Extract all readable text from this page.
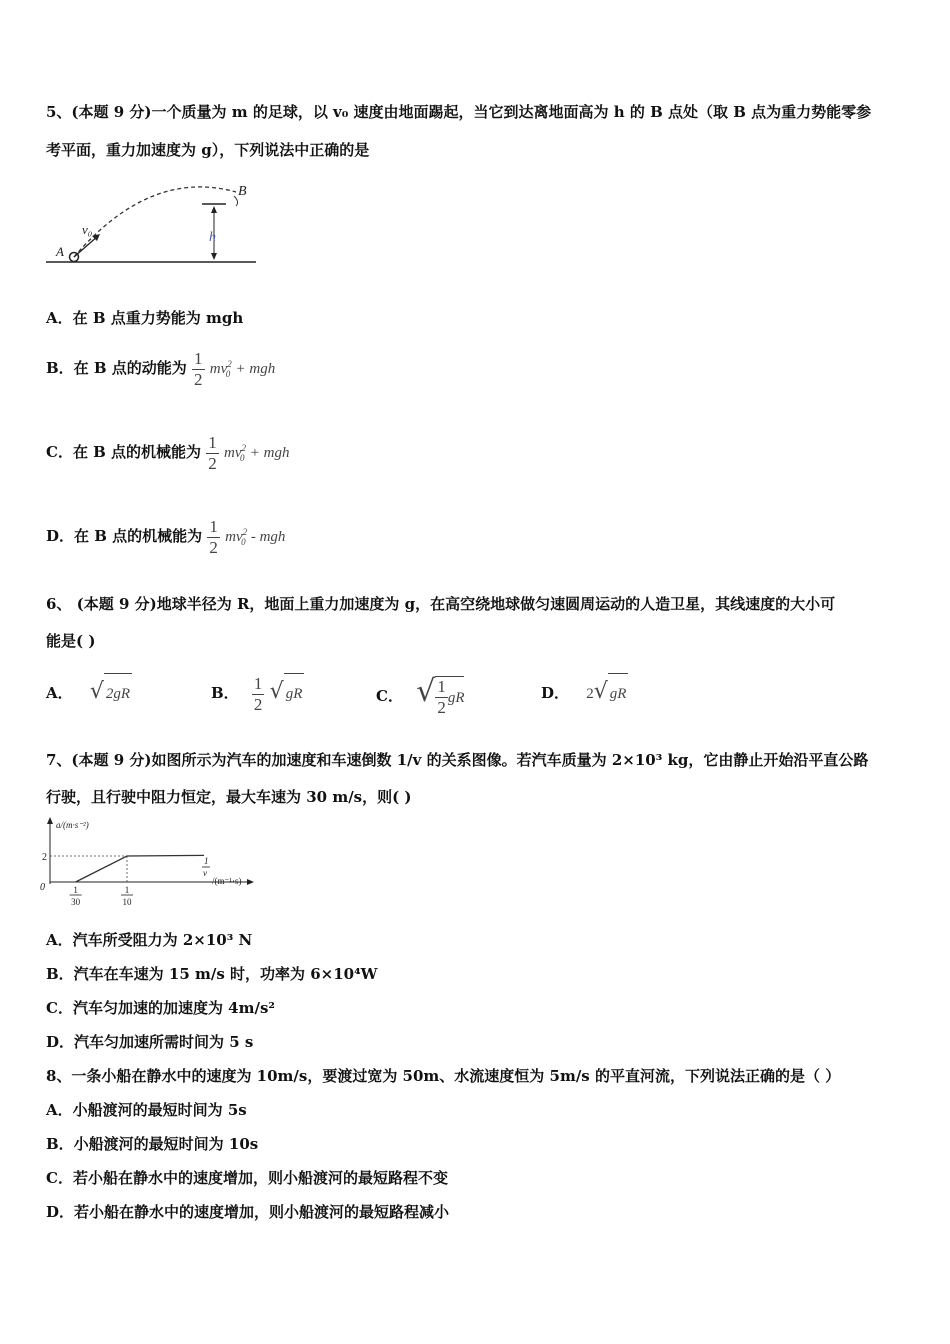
5、(本题 9 分)一个质量为 m 的足球，以 v₀ 速度由地面踢起，当它到达离地面高为 h 的 B 点处（取 B 点为重力势能零参
考平面，重力加速度为 g），下列说法中正确的是
A
v₀
B
h
A．在 B 点重力势能为 mgh
B．在 B 点的动能为 $\frac{1}{2} mv^2_0$ + mgh
C．在 B 点的机械能为 $\frac{1}{2} mv^2_0$ + mgh
D．在 B 点的机械能为 $\frac{1}{2} mv^2_0$ - mgh
6、 (本题 9 分)地球半径为 R，地面上重力加速度为 g，在高空绕地球做匀速圆周运动的人造卫星，其线速度的大小可
能是( )
A． √ 2gR	B． $\frac{1}{2}$ √ gR	C． √ $\frac{1}{2}$ gR	D． 2√ gR
7、(本题 9 分)如图所示为汽车的加速度和车速倒数 1/v 的关系图像。若汽车质量为 2×10³ kg，它由静止开始沿平直公路
行驶，且行驶中阻力恒定，最大车速为 30 m/s，则( )
a/(m·s⁻²)
0
1
v
/(m⁻¹·s)
2
1
30
1
10
A．汽车所受阻力为 2×10³ N
B．汽车在车速为 15 m/s 时，功率为 6×10⁴W
C．汽车匀加速的加速度为 4m/s²
D．汽车匀加速所需时间为 5 s
8、一条小船在静水中的速度为 10m/s，要渡过宽为 50m、水流速度恒为 5m/s 的平直河流，下列说法正确的是（ ）
A．小船渡河的最短时间为 5s
B．小船渡河的最短时间为 10s
C．若小船在静水中的速度增加，则小船渡河的最短路程不变
D．若小船在静水中的速度增加，则小船渡河的最短路程减小
